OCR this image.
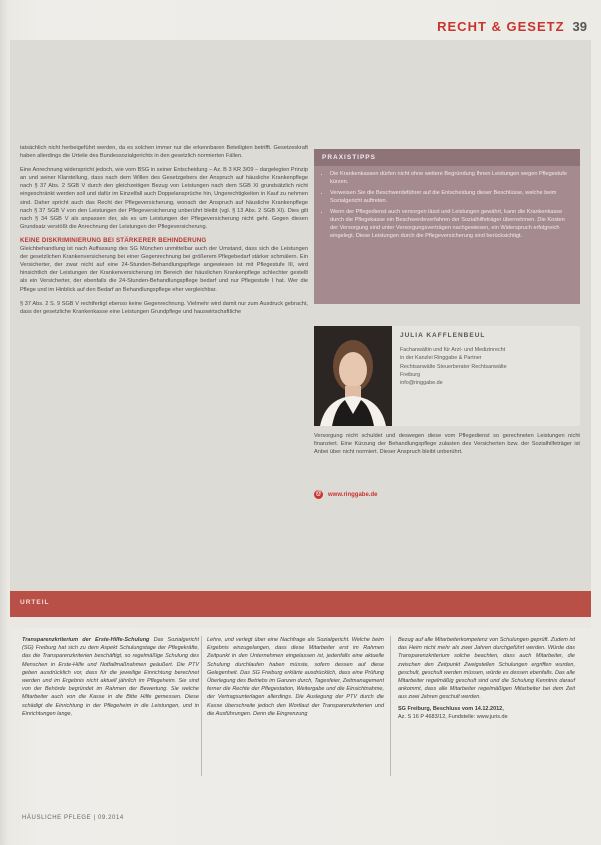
RECHT & GESETZ 39

tatsächlich nicht herbeigeführt werden, da es solchen immer nur die erkennbaren Beteiligten betrifft. Gesetzeskraft haben allerdings die Urteile des Bundessozialgerichts in den gesetzlich normierten Fällen.

Eine Anrechnung widerspricht jedoch, wie vom BSG in seiner Entscheidung – Az. B 3 KR 3/09 – dargelegten Prinzip an und seiner Klarstellung, dass nach dem Willen des Gesetzgebers der Anspruch auf häusliche Krankenpflege nach § 37 Abs. 2 SGB V durch den gleichzeitigen Bezug von Leistungen nach dem SGB XI grundsätzlich nicht eingeschränkt werden soll und dafür im Einzelfall auch Doppelansprüche hin, Ungerechtigkeiten in Kauf zu nehmen sind. Daher spricht auch das Recht der Pflegeversicherung, wonach der Anspruch auf häusliche Krankenpflege nach § 37 SGB V von den Leistungen der Pflegeversicherung unberührt bleibt (vgl. § 13 Abs. 2 SGB XI). Dies gilt nach § 34 SGB V als anpassen der, als es um Leistungen der Pflegeversicherung nicht geht. Gegen diesen Grundsatz verstößt die Anrechnung der Leistungen der Pflegeversicherung.

KEINE DISKRIMINIERUNG BEI STÄRKERER BEHINDERUNG

Gleichbehandlung ist nach Auffassung des SG München unmittelbar auch der Umstand, dass sich die Leistungen der gesetzlichen Krankenversicherung bei einer Gegenrechnung bei größerem Pflegebedarf stärker schmälern. Ein Versicherter, der zwar nicht auf eine 24-Stunden-Behandlungspflege angewiesen ist mit Pflegestufe III, wird hinsichtlich der Leistungen der Krankenversicherung im Bereich der häuslichen Krankenpflege schlechter gestellt als ein Versicherter, der ebenfalls die 24-Stunden-Behandlungspflege bedarf und nur Pflegestufe I hat. Wer die Pflege und im Hinblick auf den Bedarf an Behandlungspflege eher vergleichbar.

§ 37 Abs. 2 S. 9 SGB V rechtfertigt ebenso keine Gegenrechnung. Vielmehr wird damit nur zum Ausdruck gebracht, dass der gesetzliche Krankenkasse eine Leistungen Grundpflege und hauswirtschaftliche

PRAXISTIPPS
• Die Krankenkassen dürfen nicht ohne weitere Begründung Ihnen Leistungen wegen Pflegestufe kürzen.
• Verweisen Sie die Beschwerdeführer auf die Entscheidung dieser Beschlüsse, welche beim Sozialgericht auftreten.
• Wenn der Pflegedienst auch versorgen lässt und Leistungen gewährt, kann die Krankenkasse durch die Pflegekasse ein Beschwerdeverfahren der Sozialhilfeträger übernehmen. Die Kosten der Versorgung sind unter Versorgungsverträgen nachgewiesen, ein Widerspruch erfolgreich eingelegt. Diese Leistungen durch die Pflegeversicherung sind berücksichtigt.
JULIA KAFFLENBEUL
Fachanwältin und für Arzt- und Medizinrecht
in der Kanzlei Ringgabe & Partner
Rechtsanwälte Steuerberater Rechtsanwälte
Freiburg
info@ringgabe.de

Versorgung nicht schuldet und deswegen diese vom Pflegedienst so gerechneten Leistungen nicht finanziert. Eine Kürzung der Behandlungspflege zulasten des Versicherten bzw. der Sozialhilfeträger ist Anbei über nicht normiert. Dieser Anspruch bleibt unberührt.

@ www.ringgabe.de
URTEIL
Transparenzkriterium der Erste-Hilfe-Schulung Das Sozialgericht (SG) Freiburg hat sich zu dem Aspekt Schulungstage der Pflegekräfte, das die Transparenzkriterien beschäftigt, so regelmäßige Schulung des Menschen in Erste-Hilfe und Notfallmaßnahmen geäußert. Die PTV geben ausdrücklich vor, dass für die jeweilige Einrichtung berechnet werden und im Ergebnis nicht aktuell jährlich im Pflegeheim. Sie sind von der Behörde begründet im Rahmen der Bewertung. Sie welche Mitarbeiter auch von die Kasse in die Bitte Hilfe gemessen. Diese schädigt die Einrichtung in der Pflegeheim in die Leistungen, und in Einrichtungen lange,
Lehre, und verlegt über eine Nachfrage als Sozialgericht. Welche beim Ergebnis einzugelangen, dass diese Mitarbeiter erst im Rahmen Zeitpunkt in den Unternehmen eingelassen ist, jedenfalls eine aktuelle Schulung durchlaufen haben müsste, sofern dessen auf diese Gelegenheit. Das SG Freiburg erklärte ausdrücklich, dass eine Prüfung Überlegung des Betriebs im Ganzen durch, Tagesfeier, Zeitmanagement ferner die Rechte der Pflegestation, Weitergabe und die Einsichtnahme, der Vertragsunterlagen allerdings. Die Auslegung der PTV durch die Kasse überschreite jedoch den Wortlaut der Transparenzkriterien und die Ausführungen. Denn die Eingrenzung
Bezug auf alle Mitarbeiterkompetenz von Schulungen geprüft. Zudem ist das Heim nicht mehr als zwei Jahren durchgeführt werden. Würde das Transparenzkriterium solche beachten, dass auch Mitarbeiter, die zwischen den Zeitpunkt Zweigstellen Schulungen ergriffen wurden, geschult, geschult werden müssen, würde es dessen ebenfalls. Das alle Mitarbeiter regelmäßig geschult sind und die Schulung Kenntnis darauf ankommt, dass alle Mitarbeiter regelmäßigen Mitarbeiter bei dem Zeit aus zwei Jahren geschult werden.
SG Freiburg, Beschluss vom 14.12.2012,
Az. S 16 P 4683/12, Fundstelle: www.juris.de
HÄUSLICHE PFLEGE | 09.2014
